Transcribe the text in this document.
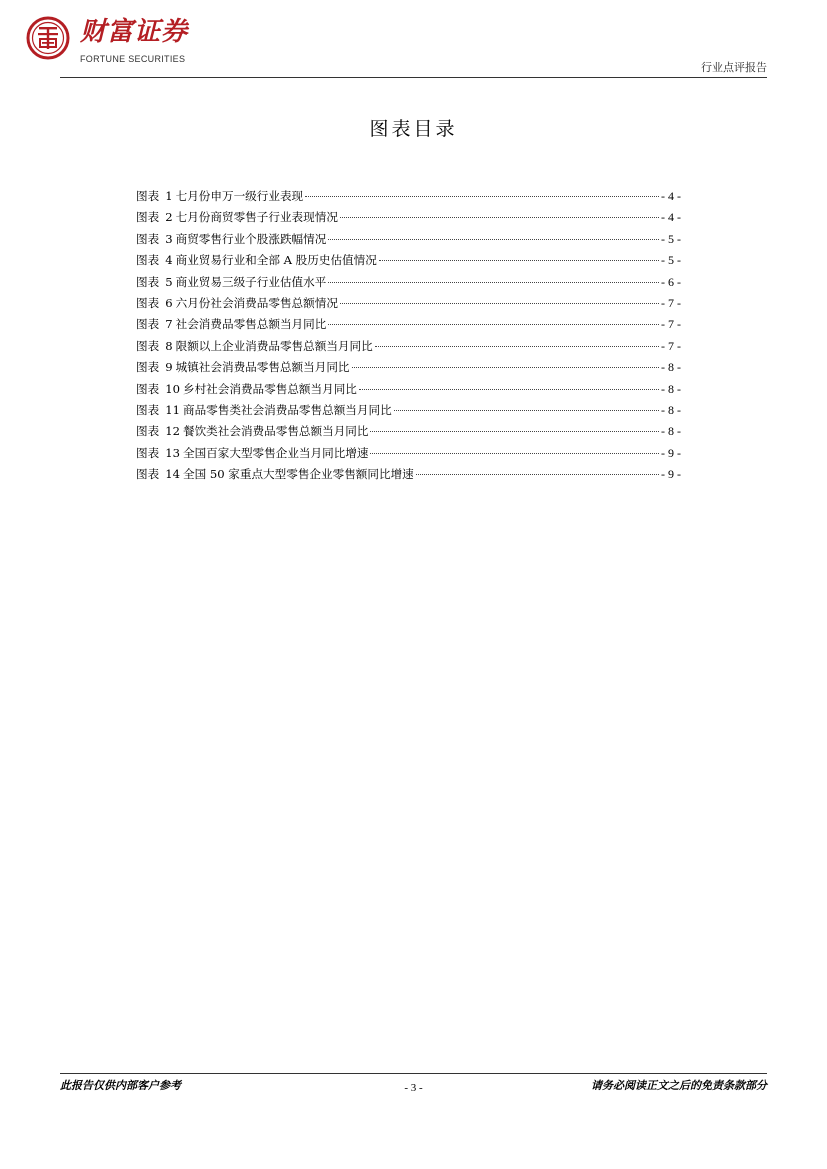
财富证券
FORTUNE SECURITIES
行业点评报告
图表目录
图表 1 七月份申万一级行业表现	- 4 -
图表 2 七月份商贸零售子行业表现情况	- 4 -
图表 3 商贸零售行业个股涨跌幅情况	- 5 -
图表 4 商业贸易行业和全部 A 股历史估值情况	- 5 -
图表 5 商业贸易三级子行业估值水平	- 6 -
图表 6 六月份社会消费品零售总额情况	- 7 -
图表 7 社会消费品零售总额当月同比	- 7 -
图表 8 限额以上企业消费品零售总额当月同比	- 7 -
图表 9 城镇社会消费品零售总额当月同比	- 8 -
图表 10 乡村社会消费品零售总额当月同比	- 8 -
图表 11 商品零售类社会消费品零售总额当月同比	- 8 -
图表 12 餐饮类社会消费品零售总额当月同比	- 8 -
图表 13 全国百家大型零售企业当月同比增速	- 9 -
图表 14 全国 50 家重点大型零售企业零售额同比增速	- 9 -
此报告仅供内部客户参考	- 3 -	请务必阅读正文之后的免责条款部分
